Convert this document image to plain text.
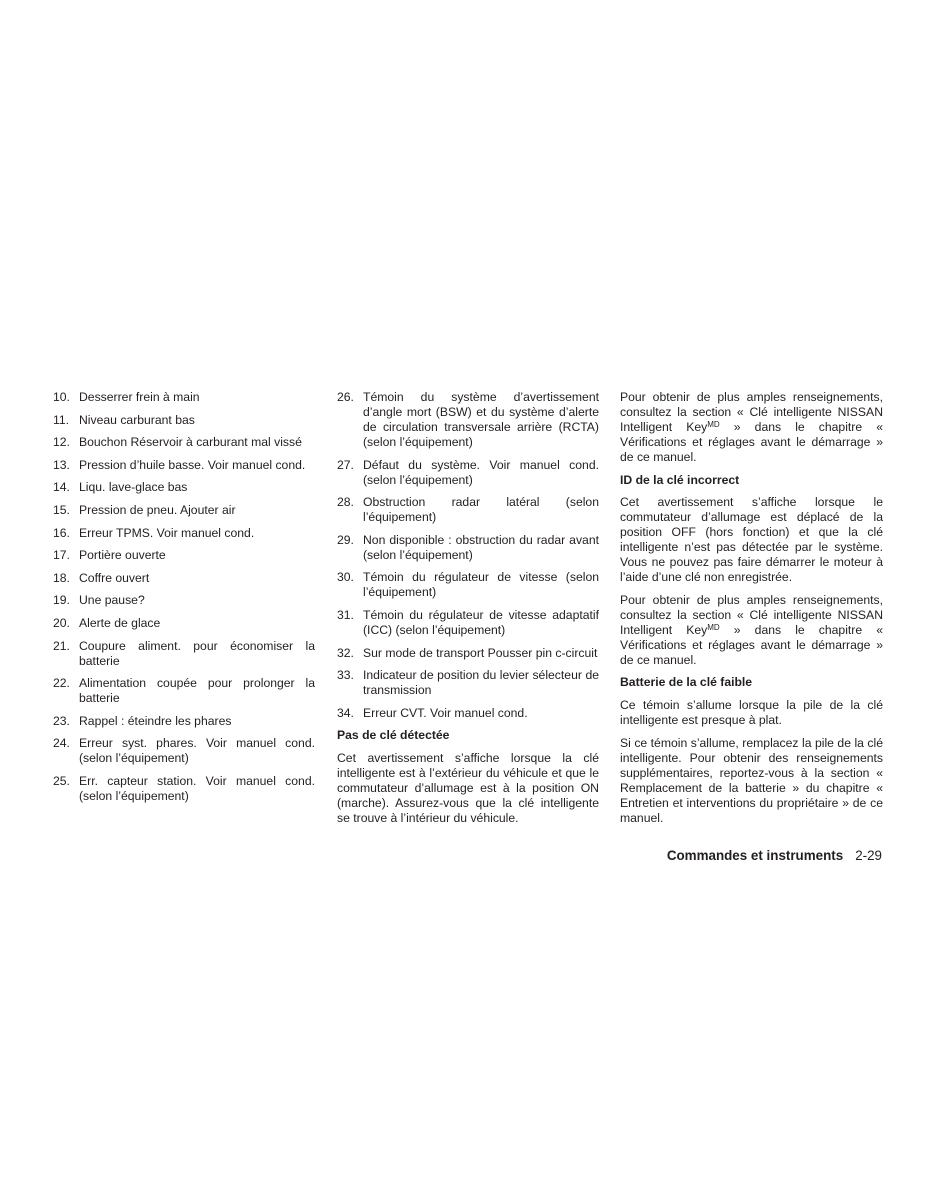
10. Desserrer frein à main
11. Niveau carburant bas
12. Bouchon Réservoir à carburant mal vissé
13. Pression d’huile basse. Voir manuel cond.
14. Liqu. lave-glace bas
15. Pression de pneu. Ajouter air
16. Erreur TPMS. Voir manuel cond.
17. Portière ouverte
18. Coffre ouvert
19. Une pause?
20. Alerte de glace
21. Coupure aliment. pour économiser la batterie
22. Alimentation coupée pour prolonger la batterie
23. Rappel : éteindre les phares
24. Erreur syst. phares. Voir manuel cond. (selon l’équipement)
25. Err. capteur station. Voir manuel cond. (selon l’équipement)
26. Témoin du système d’avertissement d’angle mort (BSW) et du système d’alerte de circulation transversale arrière (RCTA) (selon l’équipement)
27. Défaut du système. Voir manuel cond. (selon l’équipement)
28. Obstruction radar latéral (selon l’équipement)
29. Non disponible : obstruction du radar avant (selon l’équipement)
30. Témoin du régulateur de vitesse (selon l’équipement)
31. Témoin du régulateur de vitesse adaptatif (ICC) (selon l’équipement)
32. Sur mode de transport Pousser pin c-circuit
33. Indicateur de position du levier sélecteur de transmission
34. Erreur CVT. Voir manuel cond.
Pas de clé détectée

Cet avertissement s’affiche lorsque la clé intelligente est à l’extérieur du véhicule et que le commutateur d’allumage est à la position ON (marche). Assurez-vous que la clé intelligente se trouve à l’intérieur du véhicule.

Pour obtenir de plus amples renseignements, consultez la section « Clé intelligente NISSAN Intelligent Key$^{MD}$ » dans le chapitre « Vérifications et réglages avant le démarrage » de ce manuel.

ID de la clé incorrect

Cet avertissement s’affiche lorsque le commutateur d’allumage est déplacé de la position OFF (hors fonction) et que la clé intelligente n’est pas détectée par le système. Vous ne pouvez pas faire démarrer le moteur à l’aide d’une clé non enregistrée.

Pour obtenir de plus amples renseignements, consultez la section « Clé intelligente NISSAN Intelligent Key$^{MD}$ » dans le chapitre « Vérifications et réglages avant le démarrage » de ce manuel.

Batterie de la clé faible

Ce témoin s’allume lorsque la pile de la clé intelligente est presque à plat.

Si ce témoin s’allume, remplacez la pile de la clé intelligente. Pour obtenir des renseignements supplémentaires, reportez-vous à la section « Remplacement de la batterie » du chapitre « Entretien et interventions du propriétaire » de ce manuel.

Commandes et instruments 2-29
